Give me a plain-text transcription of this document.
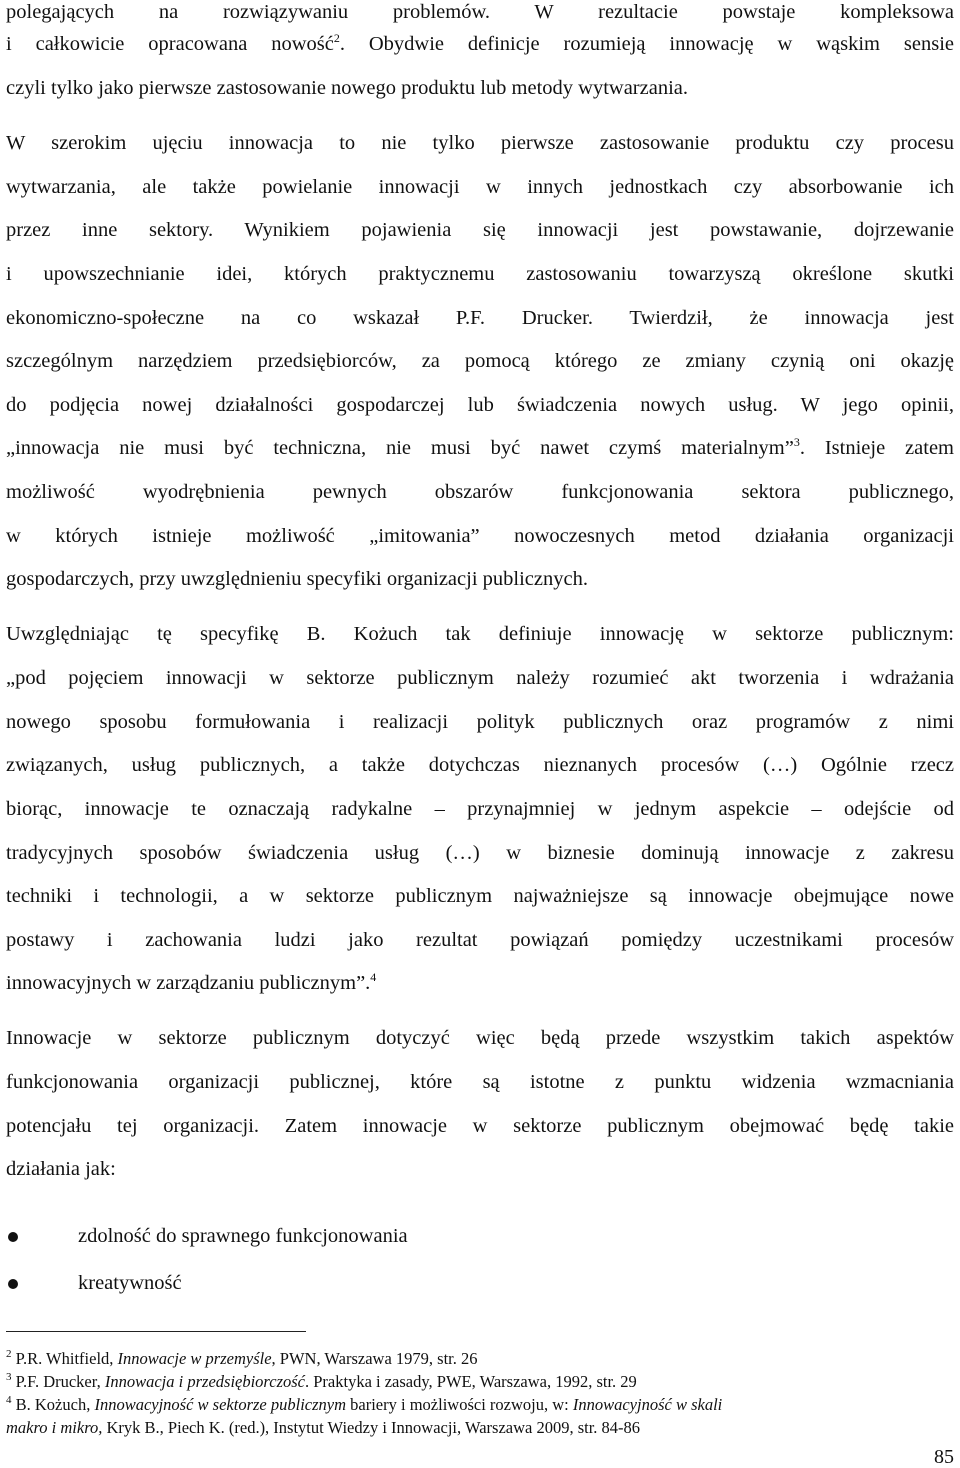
polegających na rozwiązywaniu problemów. W rezultacie powstaje kompleksowa
i całkowicie opracowana nowość$^2$. Obydwie definicje rozumieją innowację w wąskim sensie
czyli tylko jako pierwsze zastosowanie nowego produktu lub metody wytwarzania.
W szerokim ujęciu innowacja to nie tylko pierwsze zastosowanie produktu czy procesu
wytwarzania, ale także powielanie innowacji w innych jednostkach czy absorbowanie ich
przez inne sektory. Wynikiem pojawienia się innowacji jest powstawanie, dojrzewanie
i upowszechnianie idei, których praktycznemu zastosowaniu towarzyszą określone skutki
ekonomiczno-społeczne na co wskazał P.F. Drucker. Twierdził, że innowacja jest
szczególnym narzędziem przedsiębiorców, za pomocą którego ze zmiany czynią oni okazję
do podjęcia nowej działalności gospodarczej lub świadczenia nowych usług. W jego opinii,
„innowacja nie musi być techniczna, nie musi być nawet czymś materialnym”$^3$. Istnieje zatem
możliwość wyodrębnienia pewnych obszarów funkcjonowania sektora publicznego,
w których istnieje możliwość „imitowania” nowoczesnych metod działania organizacji
gospodarczych, przy uwzględnieniu specyfiki organizacji publicznych.
Uwzględniając tę specyfikę B. Kożuch tak definiuje innowację w sektorze publicznym:
„pod pojęciem innowacji w sektorze publicznym należy rozumieć akt tworzenia i wdrażania
nowego sposobu formułowania i realizacji polityk publicznych oraz programów z nimi
związanych, usług publicznych, a także dotychczas nieznanych procesów (…) Ogólnie rzecz
biorąc, innowacje te oznaczają radykalne – przynajmniej w jednym aspekcie – odejście od
tradycyjnych sposobów świadczenia usług (…) w biznesie dominują innowacje z zakresu
techniki i technologii, a w sektorze publicznym najważniejsze są innowacje obejmujące nowe
postawy i zachowania ludzi jako rezultat powiązań pomiędzy uczestnikami procesów
innowacyjnych w zarządzaniu publicznym”.$^4$
Innowacje w sektorze publicznym dotyczyć więc będą przede wszystkim takich aspektów
funkcjonowania organizacji publicznej, które są istotne z punktu widzenia wzmacniania
potencjału tej organizacji. Zatem innowacje w sektorze publicznym obejmować będę takie
działania jak:
zdolność do sprawnego funkcjonowania
kreatywność
$^2$ P.R. Whitfield, Innowacje w przemyśle, PWN, Warszawa 1979, str. 26
$^3$ P.F. Drucker, Innowacja i przedsiębiorczość. Praktyka i zasady, PWE, Warszawa, 1992, str. 29
$^4$ B. Kożuch, Innowacyjność w sektorze publicznym bariery i możliwości rozwoju, w: Innowacyjność w skali
makro i mikro, Kryk B., Piech K. (red.), Instytut Wiedzy i Innowacji, Warszawa 2009, str. 84-86
85
